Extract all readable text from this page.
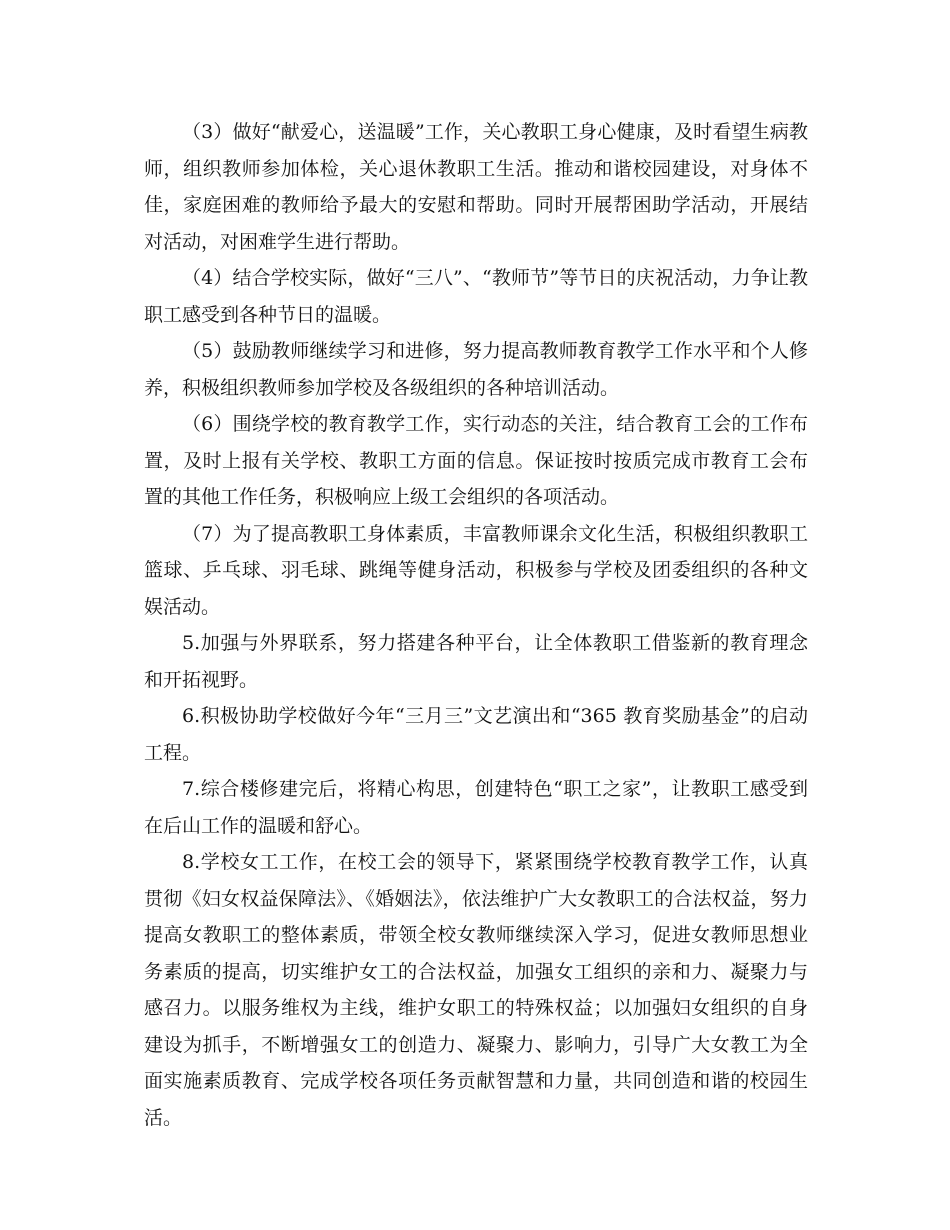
（3）做好“献爱心，送温暖”工作，关心教职工身心健康，及时看望生病教师，组织教师参加体检，关心退休教职工生活。推动和谐校园建设，对身体不佳，家庭困难的教师给予最大的安慰和帮助。同时开展帮困助学活动，开展结对活动，对困难学生进行帮助。

（4）结合学校实际，做好“三八”、“教师节”等节日的庆祝活动，力争让教职工感受到各种节日的温暖。

（5）鼓励教师继续学习和进修，努力提高教师教育教学工作水平和个人修养，积极组织教师参加学校及各级组织的各种培训活动。

（6）围绕学校的教育教学工作，实行动态的关注，结合教育工会的工作布置，及时上报有关学校、教职工方面的信息。保证按时按质完成市教育工会布置的其他工作任务，积极响应上级工会组织的各项活动。

（7）为了提高教职工身体素质，丰富教师课余文化生活，积极组织教职工篮球、乒乓球、羽毛球、跳绳等健身活动，积极参与学校及团委组织的各种文娱活动。

5.加强与外界联系，努力搭建各种平台，让全体教职工借鉴新的教育理念和开拓视野。

6.积极协助学校做好今年“三月三”文艺演出和“365 教育奖励基金”的启动工程。

7.综合楼修建完后，将精心构思，创建特色“职工之家”，让教职工感受到在后山工作的温暖和舒心。

8.学校女工工作，在校工会的领导下，紧紧围绕学校教育教学工作，认真贯彻《妇女权益保障法》、《婚姻法》，依法维护广大女教职工的合法权益，努力提高女教职工的整体素质，带领全校女教师继续深入学习，促进女教师思想业务素质的提高，切实维护女工的合法权益，加强女工组织的亲和力、凝聚力与感召力。以服务维权为主线，维护女职工的特殊权益；以加强妇女组织的自身建设为抓手，不断增强女工的创造力、凝聚力、影响力，引导广大女教工为全面实施素质教育、完成学校各项任务贡献智慧和力量，共同创造和谐的校园生活。
